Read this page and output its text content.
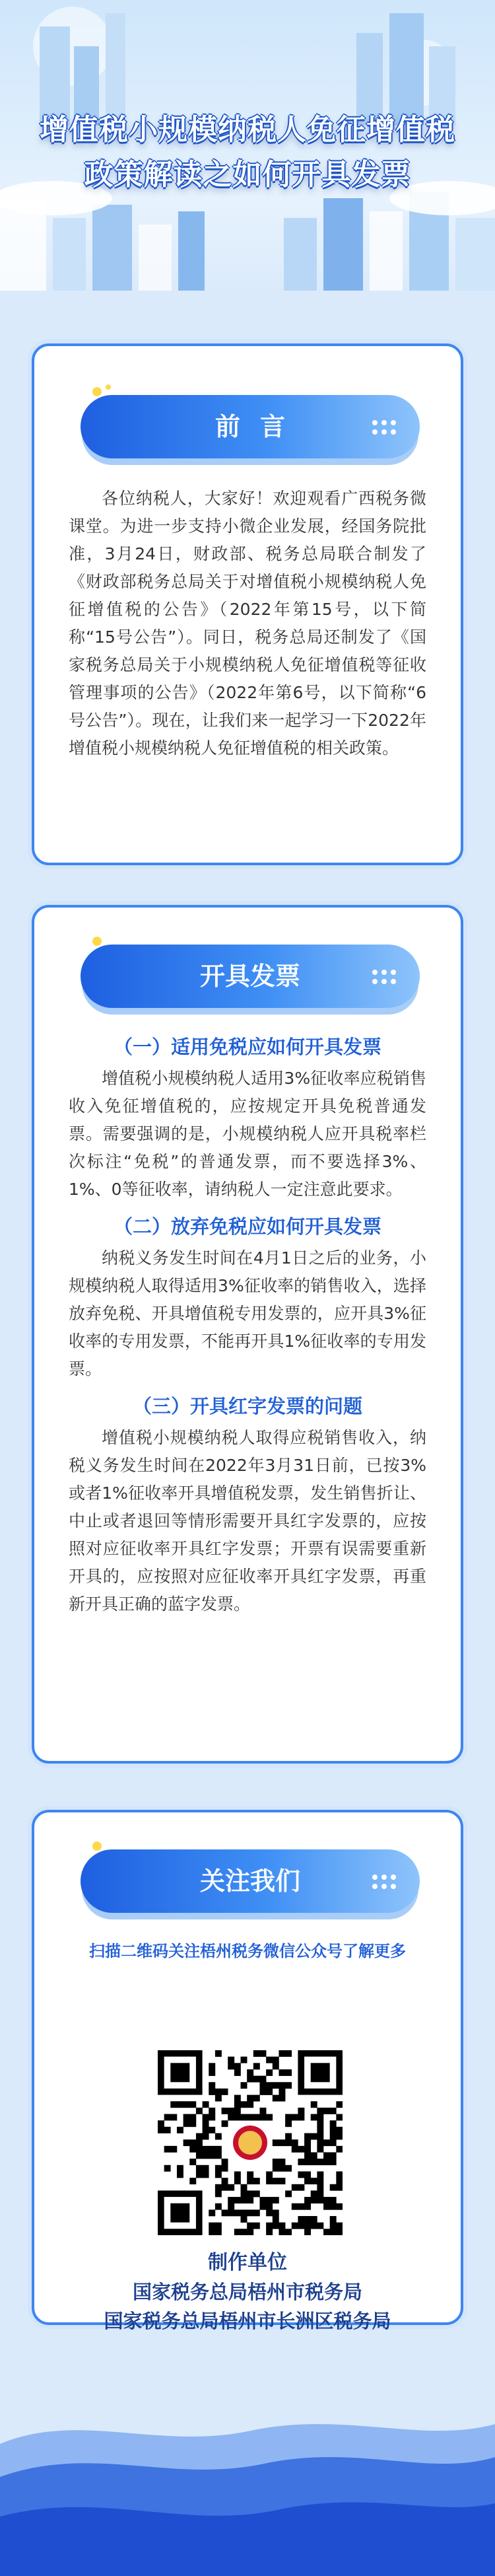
增值税小规模纳税人免征增值税
政策解读之如何开具发票
前言

各位纳税人，大家好！欢迎观看广西税务微课堂。为进一步支持小微企业发展，经国务院批准，3月24日，财政部、税务总局联合制发了《财政部税务总局关于对增值税小规模纳税人免征增值税的公告》（2022年第15号，以下简称“15号公告”）。同日，税务总局还制发了《国家税务总局关于小规模纳税人免征增值税等征收管理事项的公告》（2022年第6号，以下简称“6号公告”）。现在，让我们来一起学习一下2022年增值税小规模纳税人免征增值税的相关政策。

开具发票
（一）适用免税应如何开具发票

增值税小规模纳税人适用3%征收率应税销售收入免征增值税的，应按规定开具免税普通发票。需要强调的是，小规模纳税人应开具税率栏次标注“免税”的普通发票，而不要选择3%、1%、0等征收率，请纳税人一定注意此要求。

（二）放弃免税应如何开具发票

纳税义务发生时间在4月1日之后的业务，小规模纳税人取得适用3%征收率的销售收入，选择放弃免税、开具增值税专用发票的，应开具3%征收率的专用发票，不能再开具1%征收率的专用发票。

（三）开具红字发票的问题

增值税小规模纳税人取得应税销售收入，纳税义务发生时间在2022年3月31日前，已按3%或者1%征收率开具增值税发票，发生销售折让、中止或者退回等情形需要开具红字发票的，应按照对应征收率开具红字发票；开票有误需要重新开具的，应按照对应征收率开具红字发票，再重新开具正确的蓝字发票。

关注我们
扫描二维码关注梧州税务微信公众号了解更多
制作单位
国家税务总局梧州市税务局
国家税务总局梧州市长洲区税务局
